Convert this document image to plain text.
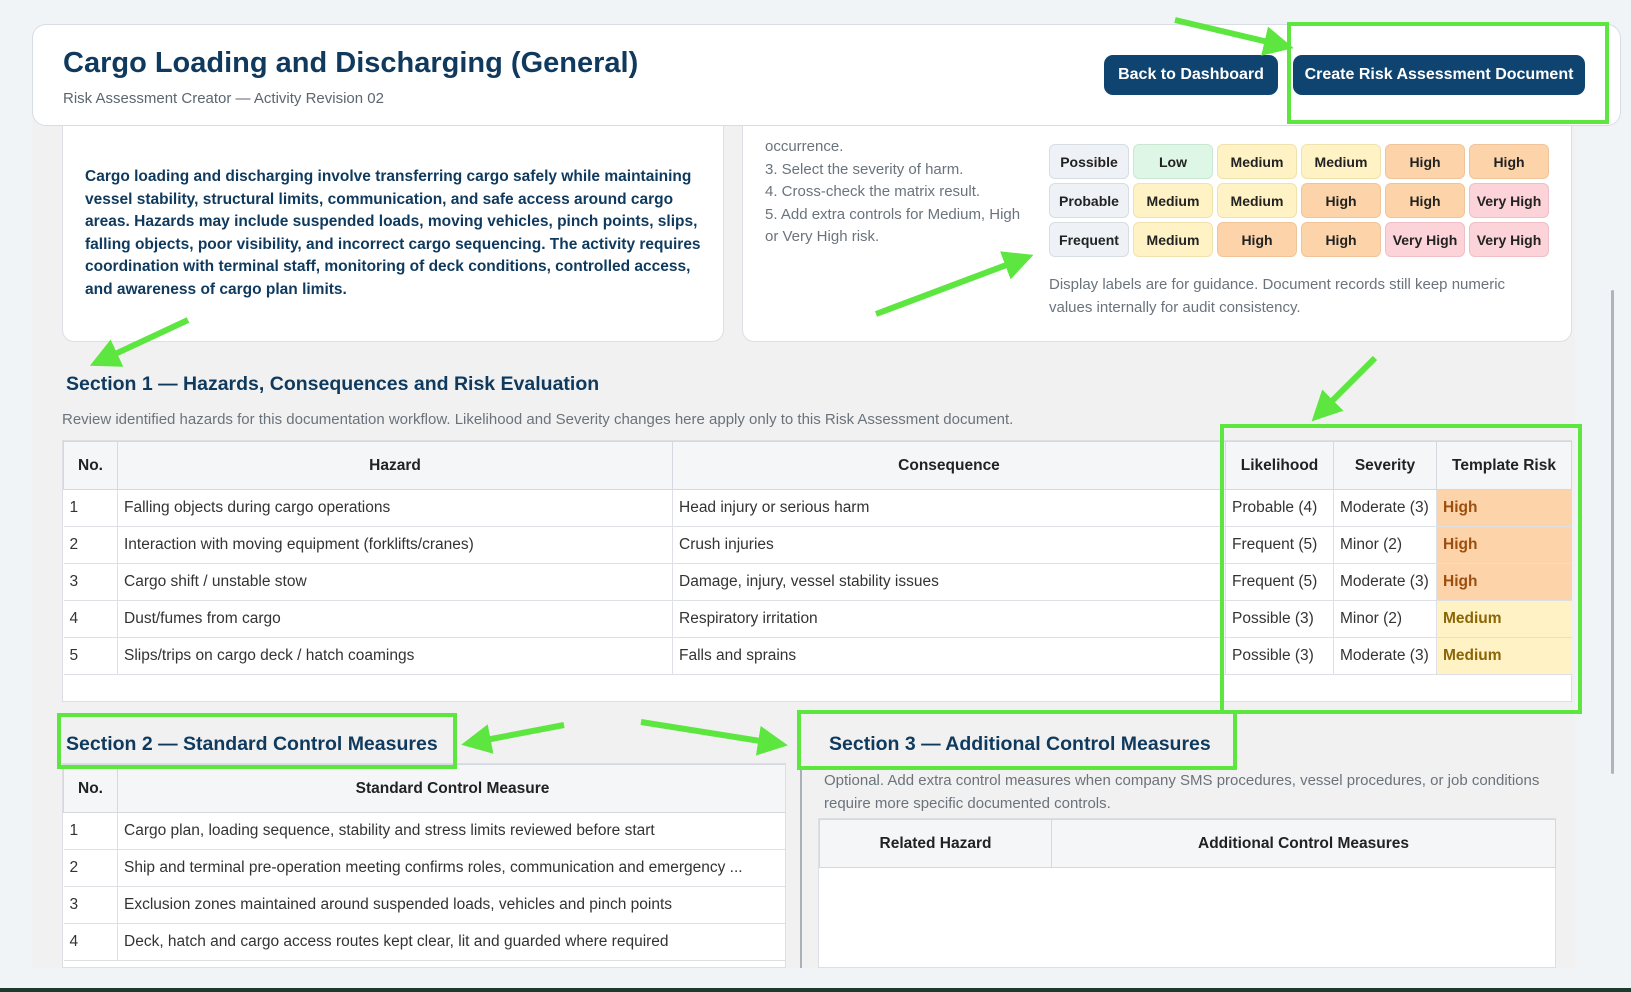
Cargo Loading and Discharging (General)
Risk Assessment Creator — Activity Revision 02
Back to Dashboard	Create Risk Assessment Document

Cargo loading and discharging involve transferring cargo safely while maintaining vessel stability, structural limits, communication, and safe access around cargo areas. Hazards may include suspended loads, moving vehicles, pinch points, slips, falling objects, poor visibility, and incorrect cargo sequencing. The activity requires coordination with terminal staff, monitoring of deck conditions, controlled access, and awareness of cargo plan limits.

occurrence.
3. Select the severity of harm.
4. Cross-check the matrix result.
5. Add extra controls for Medium, High or Very High risk.
Possible	Low	Medium	Medium	High	High
Probable	Medium	Medium	High	High	Very High
Frequent	Medium	High	High	Very High	Very High
Display labels are for guidance. Document records still keep numeric values internally for audit consistency.
Section 1 — Hazards, Consequences and Risk Evaluation
Review identified hazards for this documentation workflow. Likelihood and Severity changes here apply only to this Risk Assessment document.
No.	Hazard	Consequence	Likelihood	Severity	Template Risk
1	Falling objects during cargo operations	Head injury or serious harm	Probable (4)	Moderate (3)	High
2	Interaction with moving equipment (forklifts/cranes)	Crush injuries	Frequent (5)	Minor (2)	High
3	Cargo shift / unstable stow	Damage, injury, vessel stability issues	Frequent (5)	Moderate (3)	High
4	Dust/fumes from cargo	Respiratory irritation	Possible (3)	Minor (2)	Medium
5	Slips/trips on cargo deck / hatch coamings	Falls and sprains	Possible (3)	Moderate (3)	Medium
Section 2 — Standard Control Measures
No.	Standard Control Measure
1	Cargo plan, loading sequence, stability and stress limits reviewed before start
2	Ship and terminal pre-operation meeting confirms roles, communication and emergency ...
3	Exclusion zones maintained around suspended loads, vehicles and pinch points
4	Deck, hatch and cargo access routes kept clear, lit and guarded where required
Section 3 — Additional Control Measures
Optional. Add extra control measures when company SMS procedures, vessel procedures, or job conditions require more specific documented controls.
Related Hazard	Additional Control Measures
